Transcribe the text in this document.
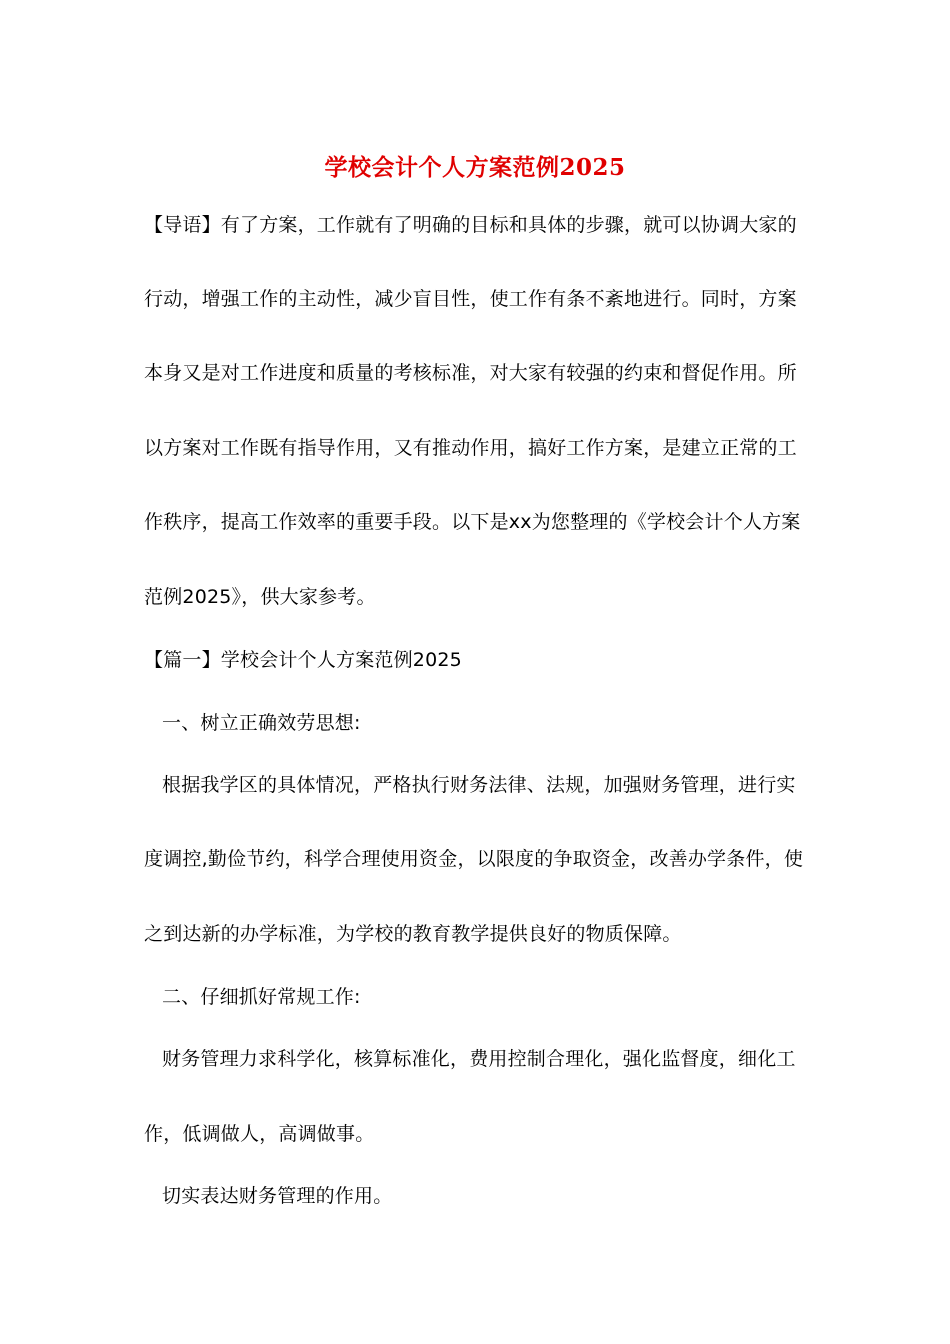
学校会计个人方案范例2025
【导语】有了方案，工作就有了明确的目标和具体的步骤，就可以协调大家的
行动，增强工作的主动性，减少盲目性，使工作有条不紊地进行。同时，方案
本身又是对工作进度和质量的考核标准，对大家有较强的约束和督促作用。所
以方案对工作既有指导作用，又有推动作用，搞好工作方案，是建立正常的工
作秩序，提高工作效率的重要手段。以下是xx为您整理的《学校会计个人方案
范例2025》，供大家参考。
【篇一】学校会计个人方案范例2025
一、树立正确效劳思想:
根据我学区的具体情况，严格执行财务法律、法规，加强财务管理，进行实
度调控,勤俭节约，科学合理使用资金，以限度的争取资金，改善办学条件，使
之到达新的办学标准，为学校的教育教学提供良好的物质保障。
二、仔细抓好常规工作:
财务管理力求科学化，核算标准化，费用控制合理化，强化监督度，细化工
作，低调做人，高调做事。
切实表达财务管理的作用。
